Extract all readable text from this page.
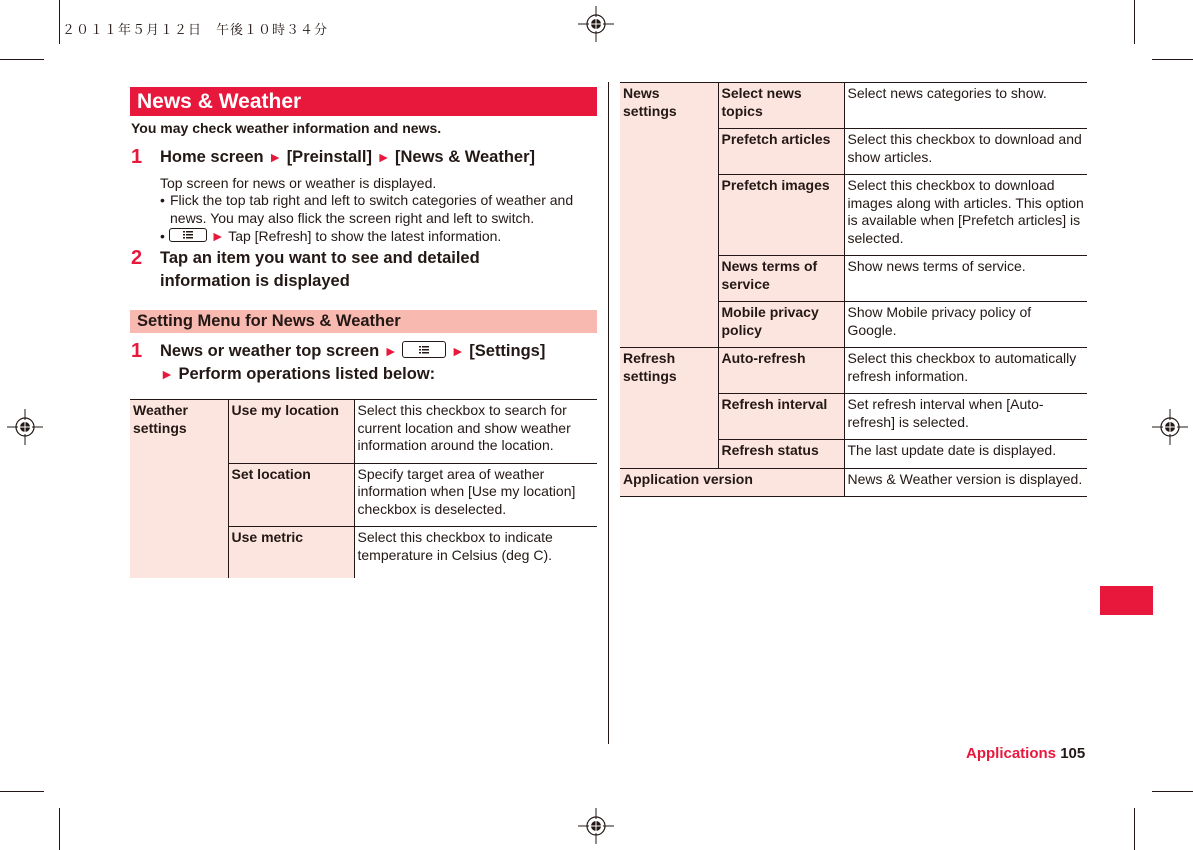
２０１１年５月１２日　午後１０時３４分
News & Weather
You may check weather information and news.
1 Home screen ► [Preinstall] ► [News & Weather]
Top screen for news or weather is displayed.
• Flick the top tab right and left to switch categories of weather and news. You may also flick the screen right and left to switch.
•	► Tap [Refresh] to show the latest information.
2 Tap an item you want to see and detailed
information is displayed
Setting Menu for News & Weather
1 News or weather top screen ►	► [Settings]
► Perform operations listed below:
Weather settings	Use my location	Select this checkbox to search for current location and show weather information around the location.
	Set location	Specify target area of weather information when [Use my location] checkbox is deselected.
	Use metric	Select this checkbox to indicate temperature in Celsius (deg C).
News settings	Select news topics	Select news categories to show.
	Prefetch articles	Select this checkbox to download and show articles.
	Prefetch images	Select this checkbox to download images along with articles. This option is available when [Prefetch articles] is selected.
	News terms of service	Show news terms of service.
	Mobile privacy policy	Show Mobile privacy policy of Google.
Refresh settings	Auto-refresh	Select this checkbox to automatically refresh information.
	Refresh interval	Set refresh interval when [Auto-refresh] is selected.
	Refresh status	The last update date is displayed.
Application version		News & Weather version is displayed.
Applications 105
